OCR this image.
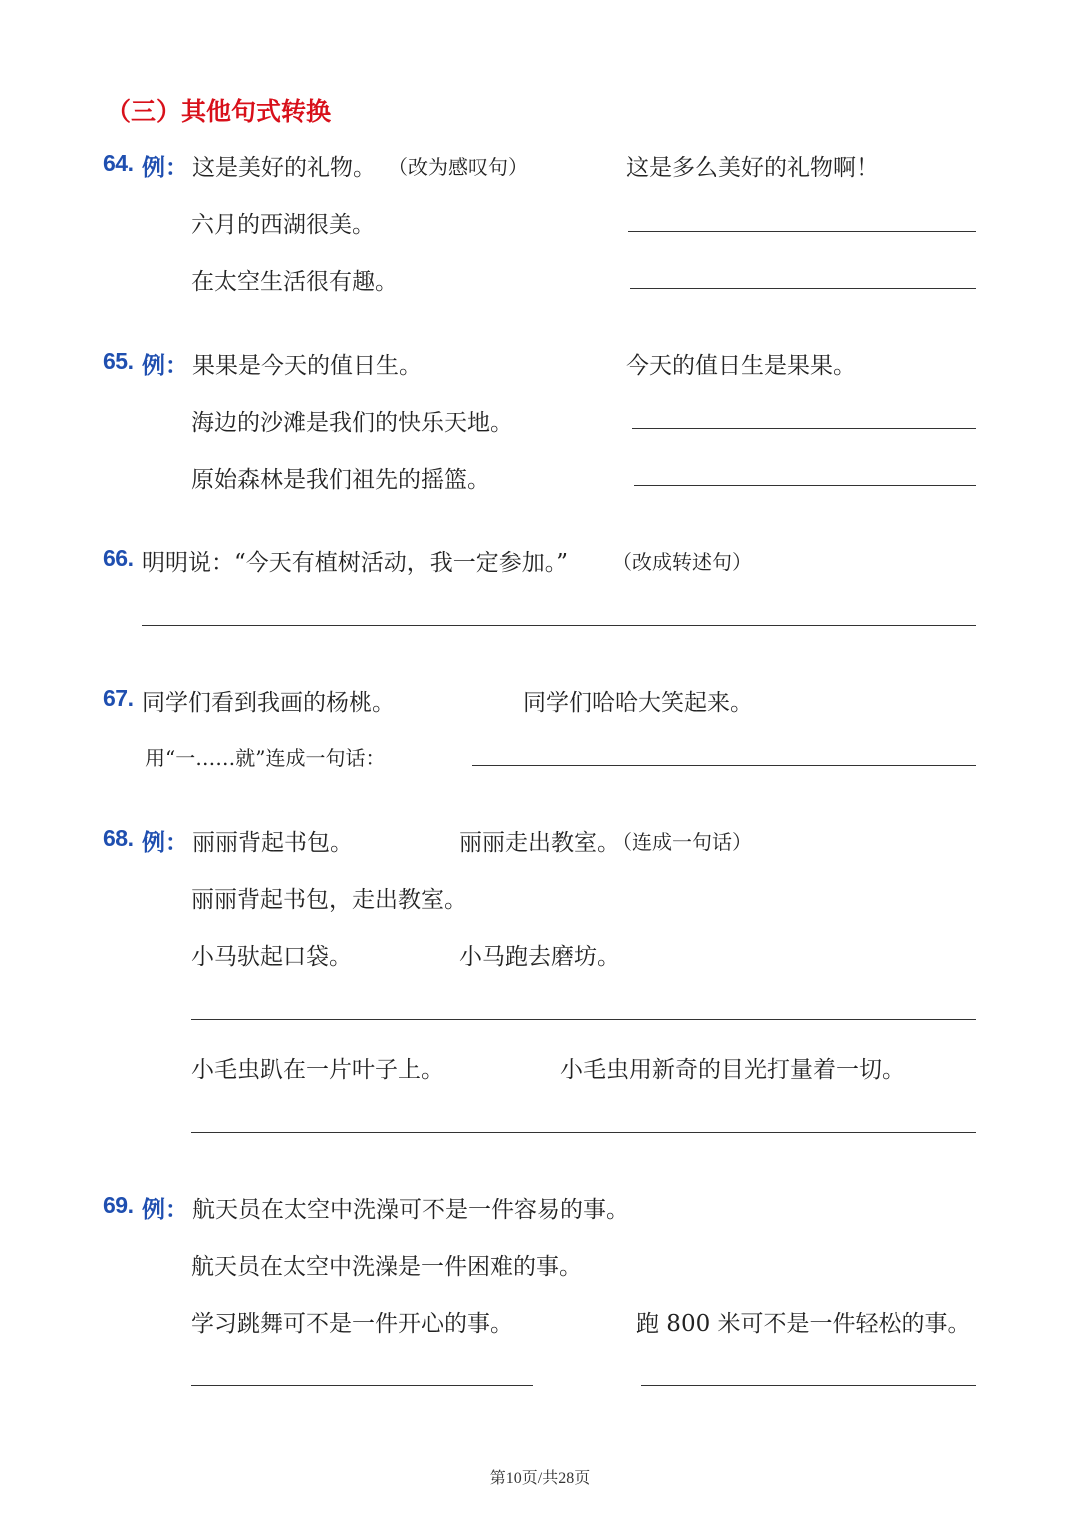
（三）其他句式转换
64. 例： 这是美好的礼物。 （改为感叹句）	这是多么美好的礼物啊！
六月的西湖很美。
在太空生活很有趣。
65. 例： 果果是今天的值日生。	今天的值日生是果果。
海边的沙滩是我们的快乐天地。
原始森林是我们祖先的摇篮。
66. 明明说：“今天有植树活动，我一定参加。” （改成转述句）
67. 同学们看到我画的杨桃。	同学们哈哈大笑起来。
用“一……就”连成一句话：
68. 例： 丽丽背起书包。	丽丽走出教室。
（连成一句话）
丽丽背起书包，走出教室。
小马驮起口袋。	小马跑去磨坊。
小毛虫趴在一片叶子上。	小毛虫用新奇的目光打量着一切。
69. 例： 航天员在太空中洗澡可不是一件容易的事。
航天员在太空中洗澡是一件困难的事。
学习跳舞可不是一件开心的事。	跑 800 米可不是一件轻松的事。
第10页/共28页
